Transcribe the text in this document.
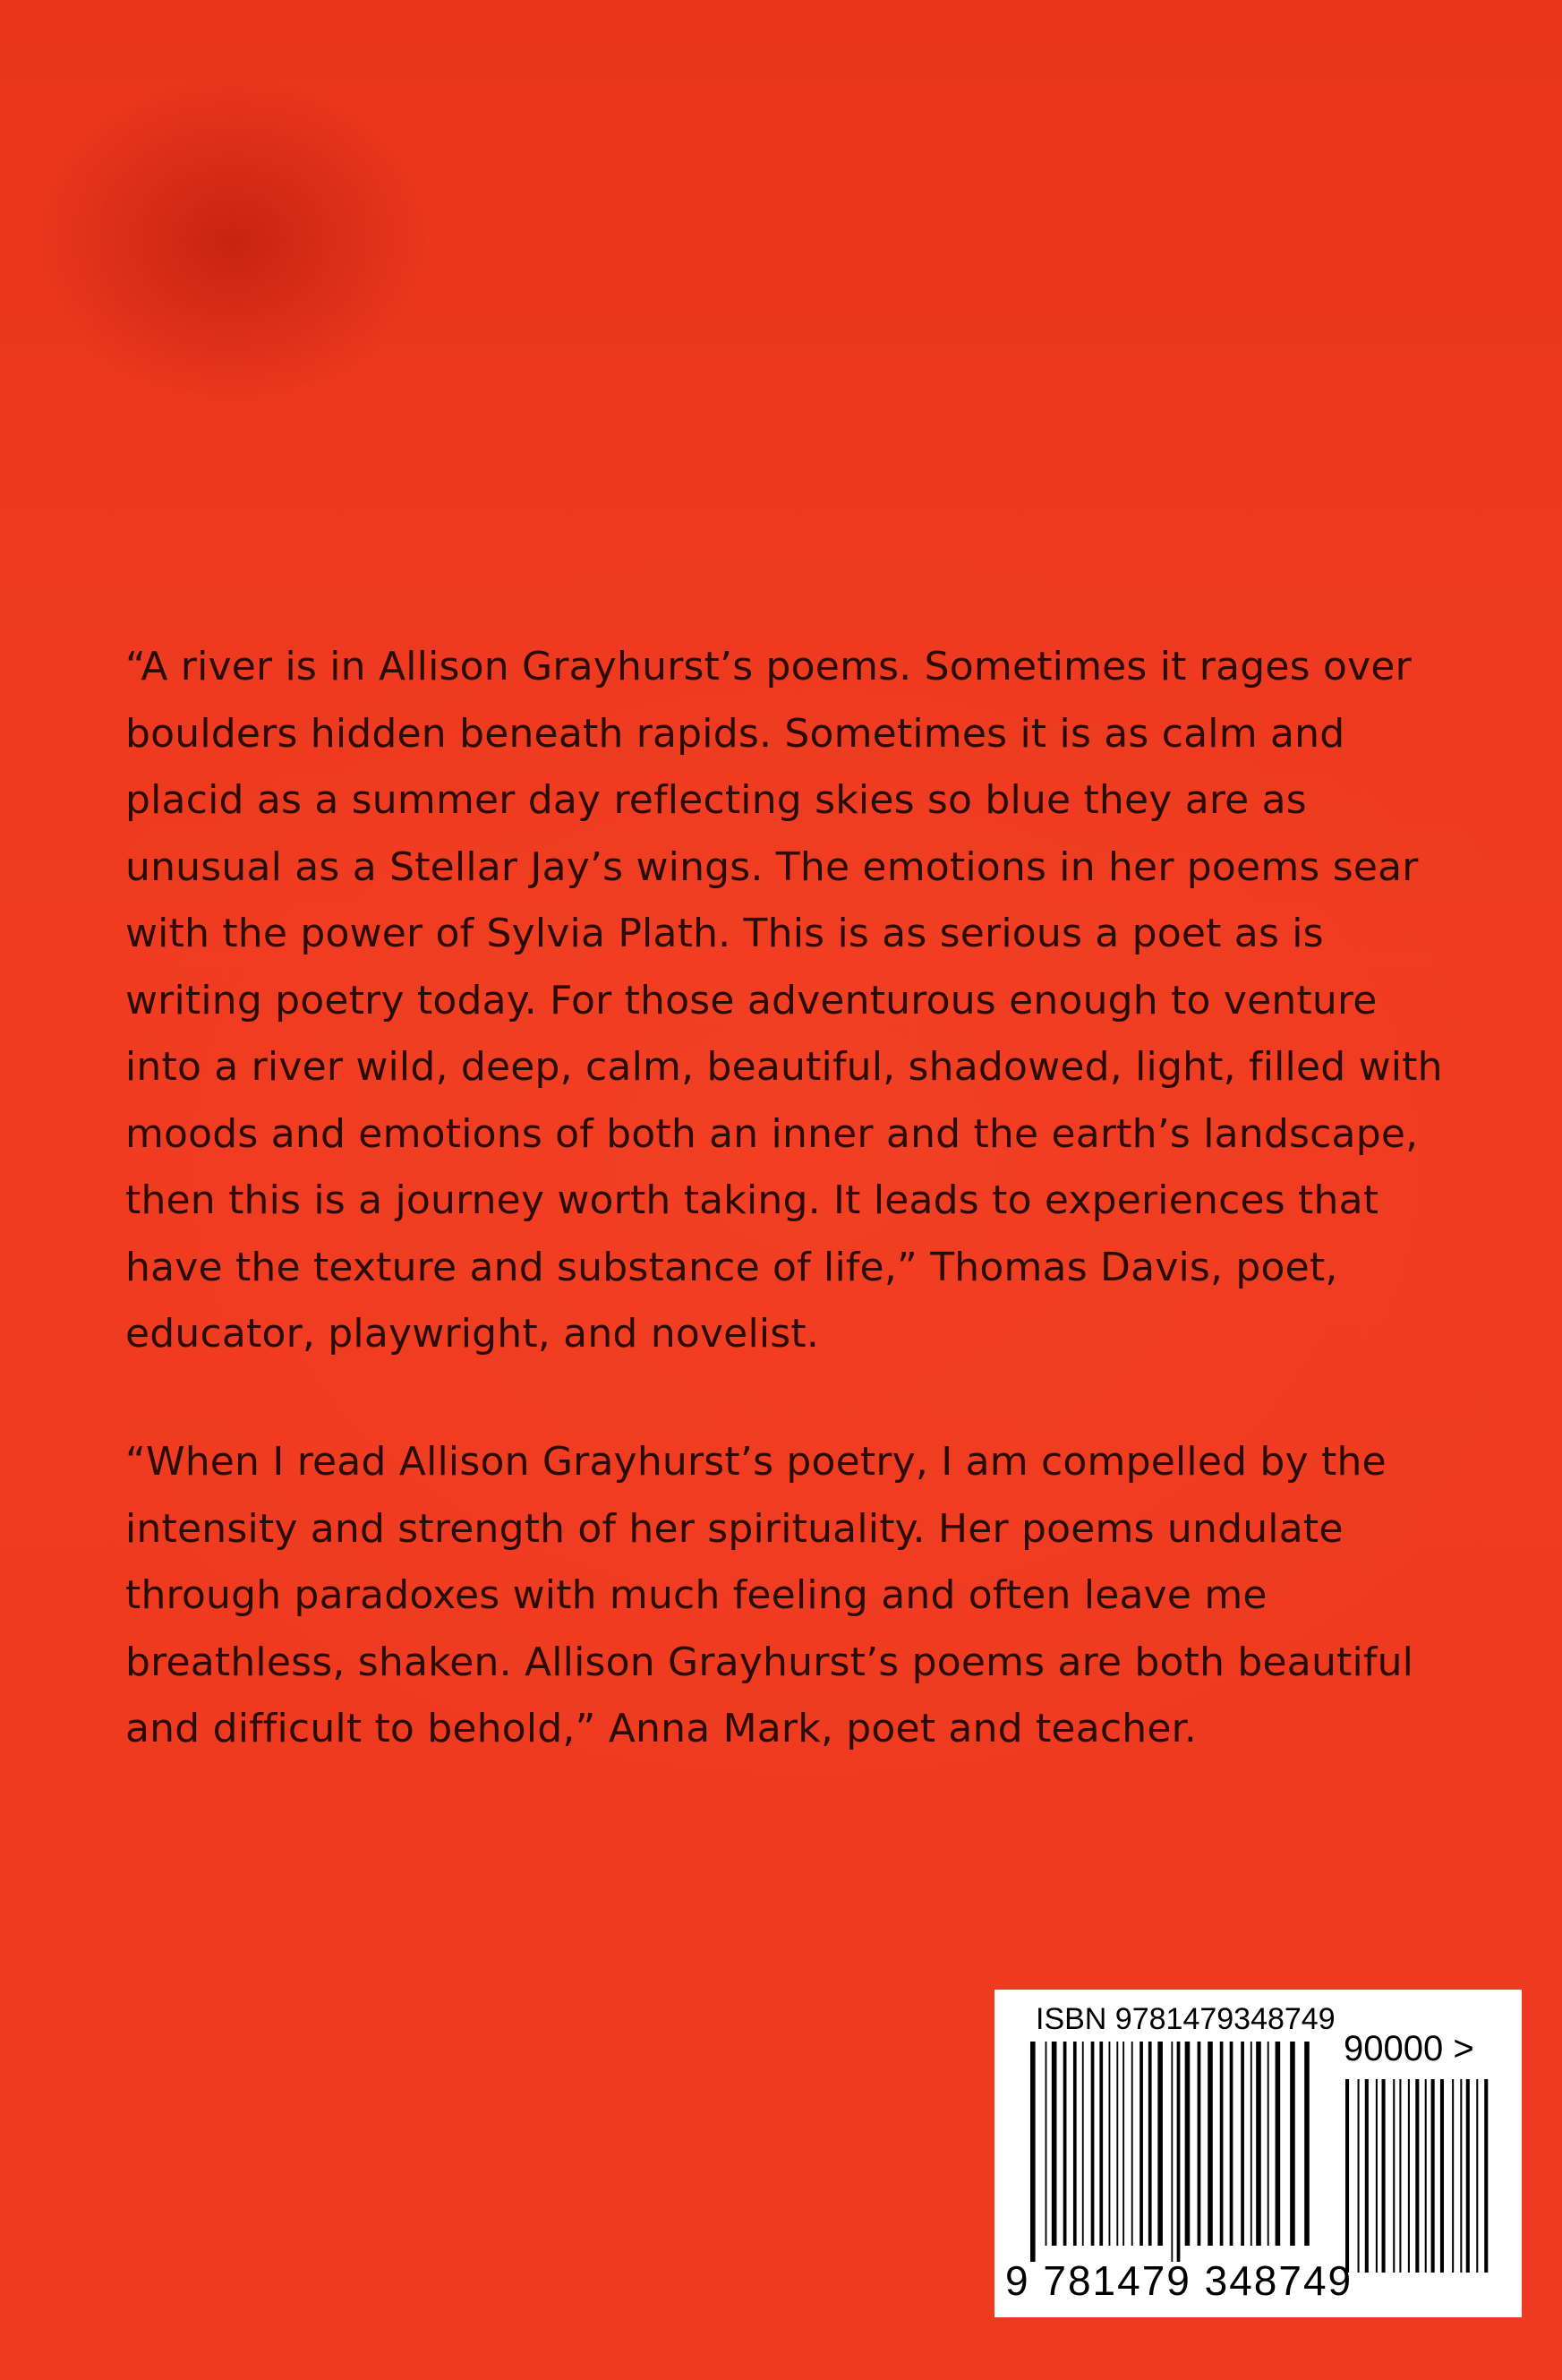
“A river is in Allison Grayhurst’s poems. Sometimes it rages over boulders hidden beneath rapids. Sometimes it is as calm and placid as a summer day reflecting skies so blue they are as unusual as a Stellar Jay’s wings. The emotions in her poems sear with the power of Sylvia Plath. This is as serious a poet as is writing poetry today. For those adventurous enough to venture into a river wild, deep, calm, beautiful, shadowed, light, filled with moods and emotions of both an inner and the earth’s landscape, then this is a journey worth taking. It leads to experiences that have the texture and substance of life,” Thomas Davis, poet, educator, playwright, and novelist.

“When I read Allison Grayhurst’s poetry, I am compelled by the intensity and strength of her spirituality. Her poems undulate through paradoxes with much feeling and often leave me breathless, shaken. Allison Grayhurst’s poems are both beautiful and difficult to behold,” Anna Mark, poet and teacher.

ISBN 9781479348749
90000 >
9 781479 348749
